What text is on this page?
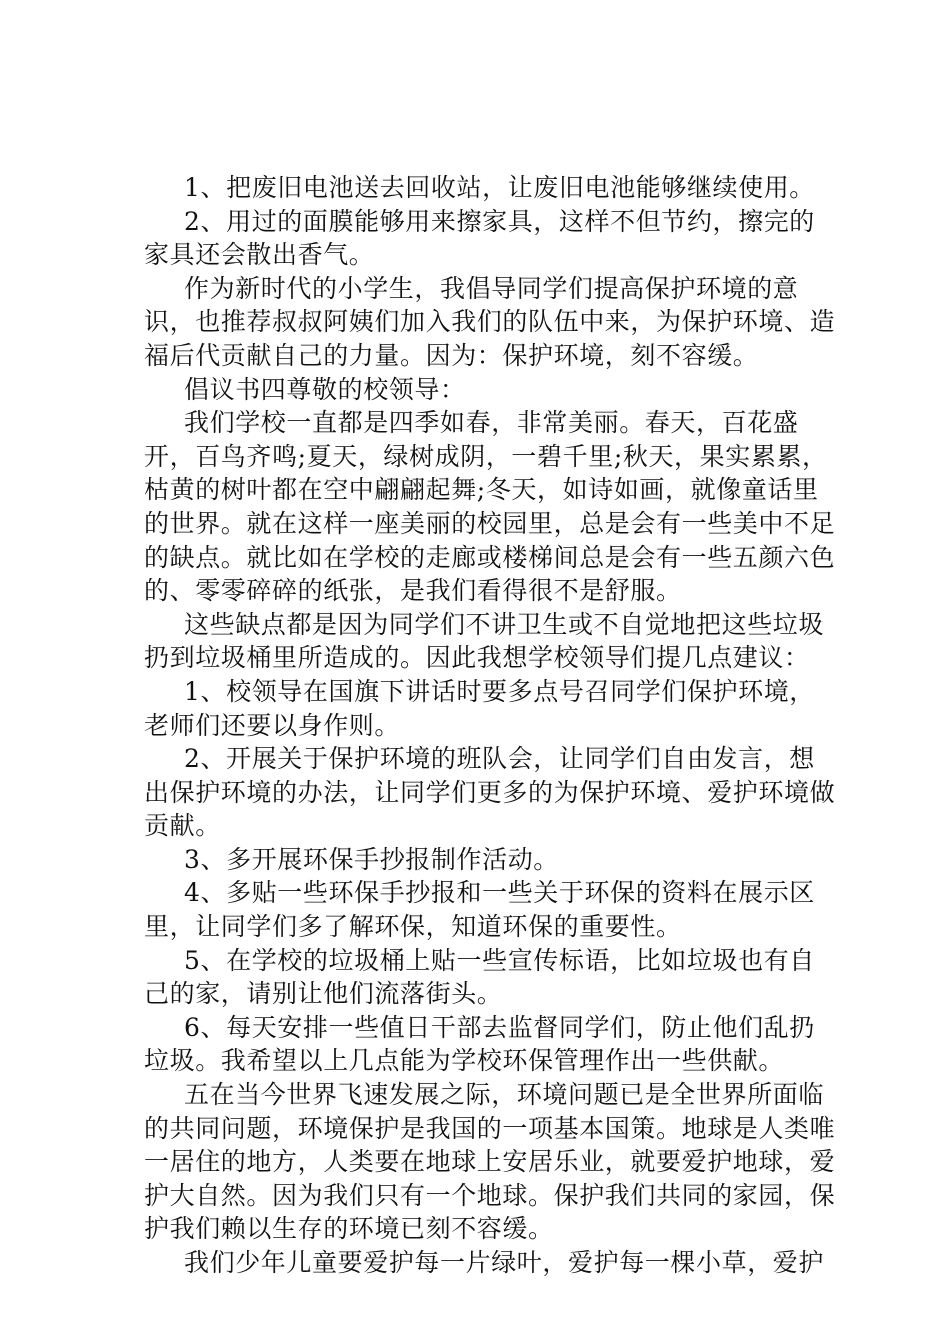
1、把废旧电池送去回收站，让废旧电池能够继续使用。

2、用过的面膜能够用来擦家具，这样不但节约，擦完的家具还会散出香气。

作为新时代的小学生，我倡导同学们提高保护环境的意识，也推荐叔叔阿姨们加入我们的队伍中来，为保护环境、造福后代贡献自己的力量。因为：保护环境，刻不容缓。

倡议书四尊敬的校领导：

我们学校一直都是四季如春，非常美丽。春天，百花盛开，百鸟齐鸣;夏天，绿树成阴，一碧千里;秋天，果实累累，枯黄的树叶都在空中翩翩起舞;冬天，如诗如画，就像童话里的世界。就在这样一座美丽的校园里，总是会有一些美中不足的缺点。就比如在学校的走廊或楼梯间总是会有一些五颜六色的、零零碎碎的纸张，是我们看得很不是舒服。

这些缺点都是因为同学们不讲卫生或不自觉地把这些垃圾扔到垃圾桶里所造成的。因此我想学校领导们提几点建议：

1、校领导在国旗下讲话时要多点号召同学们保护环境，老师们还要以身作则。

2、开展关于保护环境的班队会，让同学们自由发言，想出保护环境的办法，让同学们更多的为保护环境、爱护环境做贡献。

3、多开展环保手抄报制作活动。

4、多贴一些环保手抄报和一些关于环保的资料在展示区里，让同学们多了解环保，知道环保的重要性。

5、在学校的垃圾桶上贴一些宣传标语，比如垃圾也有自己的家，请别让他们流落街头。

6、每天安排一些值日干部去监督同学们，防止他们乱扔垃圾。我希望以上几点能为学校环保管理作出一些供献。

五在当今世界飞速发展之际，环境问题已是全世界所面临的共同问题，环境保护是我国的一项基本国策。地球是人类唯一居住的地方，人类要在地球上安居乐业，就要爱护地球，爱护大自然。因为我们只有一个地球。保护我们共同的家园，保护我们赖以生存的环境已刻不容缓。

我们少年儿童要爱护每一片绿叶，爱护每一棵小草，爱护
